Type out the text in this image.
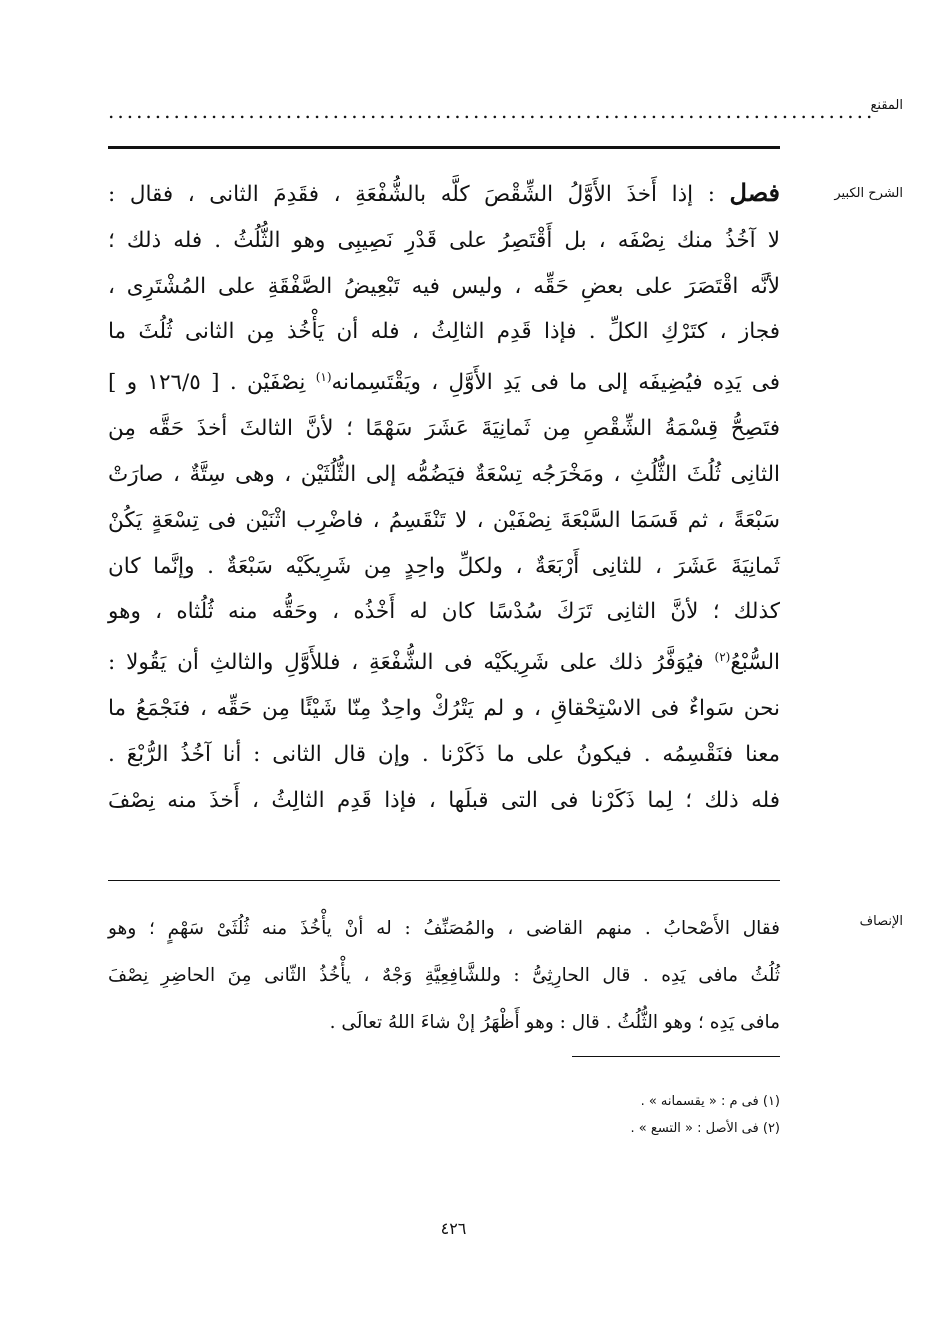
المقنع
الشرح الكبير
الإنصاف
..................................................................................
فصل : إذا أَخذَ الأَوَّلُ الشِّقْصَ كلَّه بالشُّفْعَةِ ، فقَدِمَ الثانى ، فقال :
لا آخُذُ منك نِصْفَه ، بل أَقْتَصِرُ على قَدْرِ نَصِيبِى وهو الثُّلُثُ . فله ذلك ؛
لأنَّه اقْتَصَرَ على بعضِ حَقِّه ، وليس فيه تَبْعِيضُ الصَّفْقَةِ على المُشْتَرِى ،
فجاز ، كتَرْكِ الكلِّ . فإذا قَدِم الثالِثُ ، فله أن يَأْخُذ مِن الثانى ثُلُثَ ما
فى يَدِه فيُضِيفَه إلى ما فى يَدِ الأَوَّلِ ، ويَقْتَسِمانه$^{(١)}$ نِصْفَيْن . [ ١٢٦/٥ و ]
فتَصِحُّ قِسْمَةُ الشِّقْصِ مِن ثَمانِيَةَ عَشَرَ سَهْمًا ؛ لأنَّ الثالثَ أخذَ حَقَّه مِن
الثانِى ثُلُثَ الثُّلُثِ ، ومَخْرَجُه تِسْعَةٌ فيَضُمُّه إلى الثُّلُثَيْن ، وهى سِتَّةٌ ، صارَتْ
سَبْعَةً ، ثم قَسَمَا السَّبْعَةَ نِصْفَيْن ، لا تَنْقَسِمُ ، فاضْرِب اثْنَيْن فى تِسْعَةٍ يَكُنْ
ثَمانِيَةَ عَشَرَ ، للثانِى أَرْبَعَةٌ ، ولكلِّ واحِدٍ مِن شَرِيكَيْه سَبْعَةٌ . وإنَّما كان
كذلك ؛ لأنَّ الثانِى تَرَكَ سُدْسًا كان له أَخْذُه ، وحَقُّه منه ثُلُثاه ، وهو
السُّبْعُ$^{(٢)}$ فيُوَفَّرُ ذلك على شَرِيكَيْه فى الشُّفْعَةِ ، فللأَوَّلِ والثالثِ أن يَقُولا :
نحن سَواءٌ فى الاسْتِحْقاقِ ، و لم يَتْرُكْ واحِدٌ مِنّا شَيْئًا مِن حَقِّه ، فنَجْمَعُ ما
معنا فنَقْسِمُه . فيكونُ على ما ذَكَرْنا . وإن قال الثانى : أنا آخُذُ الرُّبْعَ .
فله ذلك ؛ لِما ذَكَرْنا فى التى قبلَها ، فإذا قَدِم الثالِثُ ، أَخذَ منه نِصْفَ
فقال الأَصْحابُ . منهم القاضى ، والمُصَنِّفُ : له أنْ يأْخُذَ منه ثُلُثَىْ سَهْمٍ ؛ وهو
ثُلُثُ مافى يَدِه . قال الحارِثِىُّ : وللشَّافِعِيَّةِ وَجْهٌ ، يأْخُذُ الثّانى مِنَ الحاضِرِ نِصْفَ
مافى يَدِه ؛ وهو الثُّلُثُ . قال : وهو أَظْهَرُ إنْ شاءَ اللهُ تعالَى .
(١) فى م : « يقسمانه » .
(٢) فى الأصل : « التسع » .
٤٢٦
